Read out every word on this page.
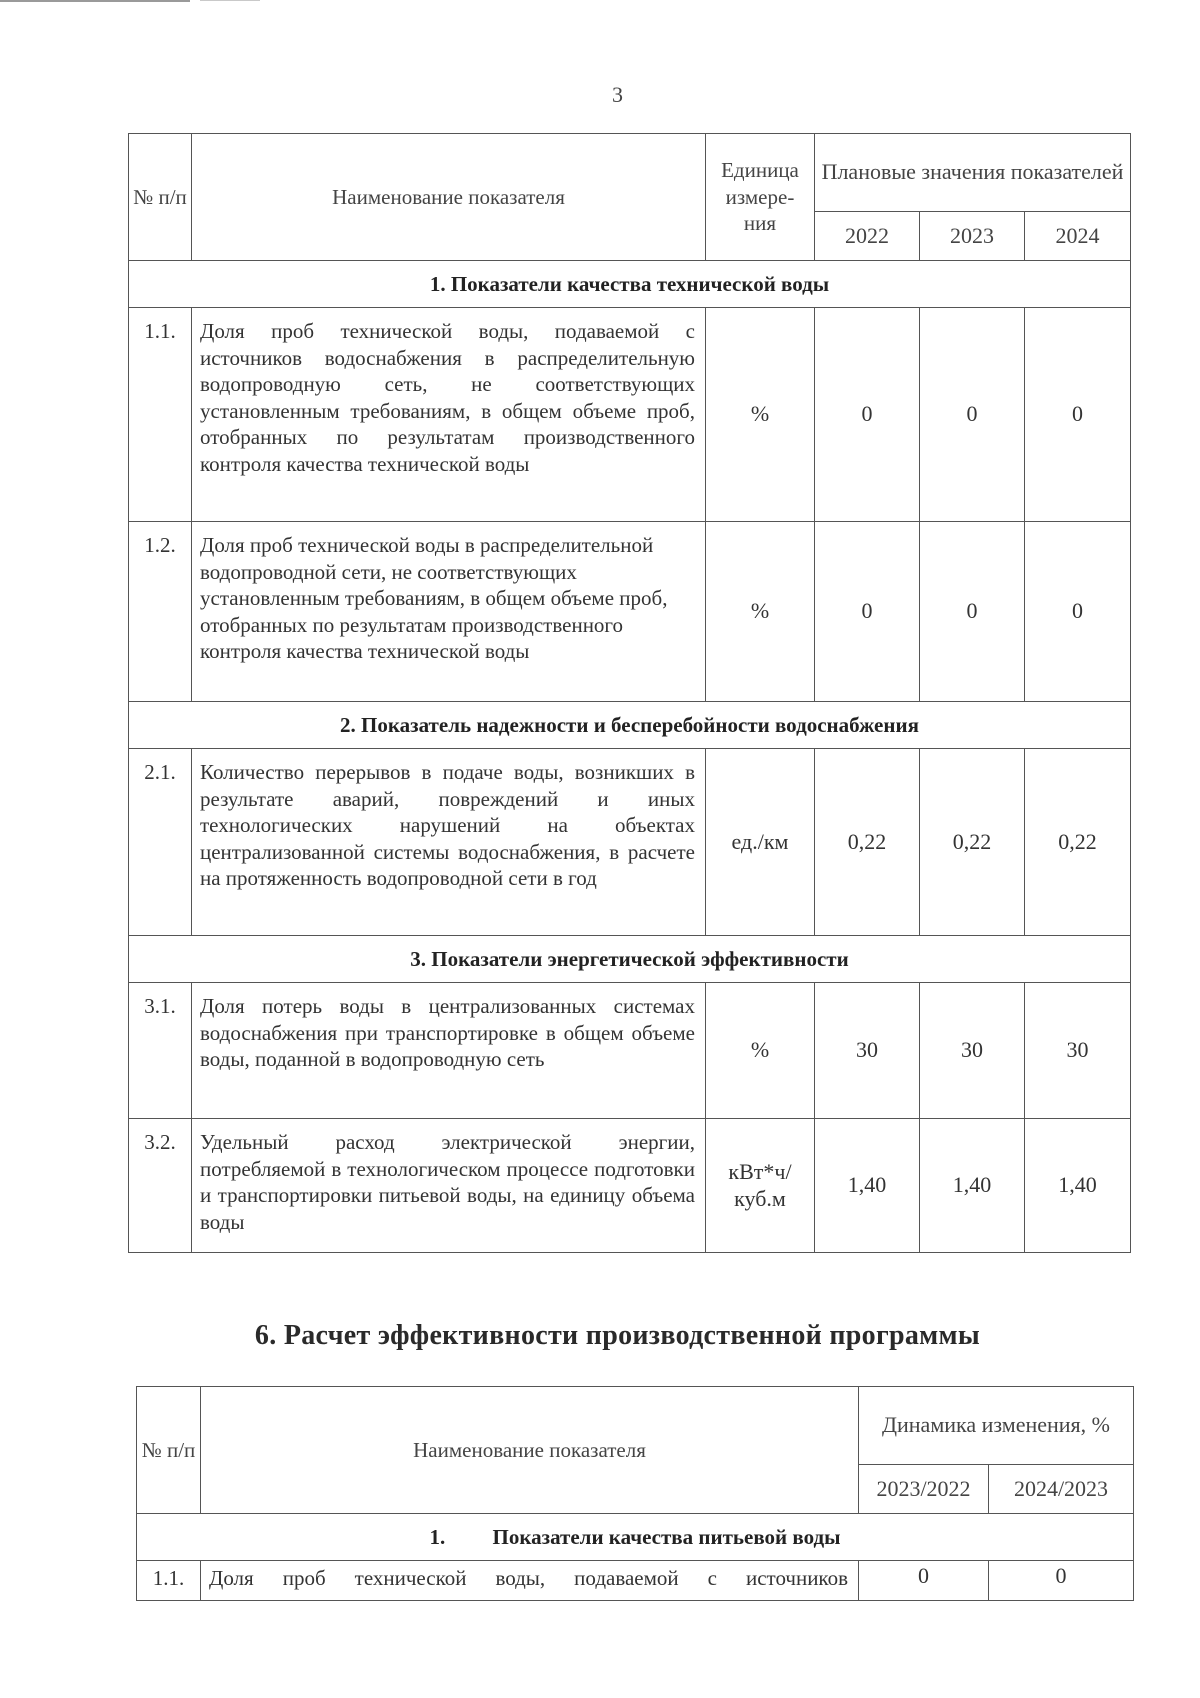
3
№ п/п	Наименование показателя	Единица измере-ния	Плановые значения показателей		
			2022	2023	2024
1. Показатели качества технической воды					
1.1.	Доля проб технической воды, подаваемой с источников водоснабжения в распределительную водопроводную сеть, не соответствующих установленным требованиям, в общем объеме проб, отобранных по результатам производственного контроля качества технической воды	%	0	0	0
1.2.	Доля проб технической воды в распределительной водопроводной сети, не соответствующих установленным требованиям, в общем объеме проб, отобранных по результатам производственного контроля качества технической воды	%	0	0	0
2. Показатель надежности и бесперебойности водоснабжения					
2.1.	Количество перерывов в подаче воды, возникших в результате аварий, повреждений и иных технологических нарушений на объектах централизованной системы водоснабжения, в расчете на протяженность водопроводной сети в год	ед./км	0,22	0,22	0,22
3. Показатели энергетической эффективности					
3.1.	Доля потерь воды в централизованных системах водоснабжения при транспортировке в общем объеме воды, поданной в водопроводную сеть	%	30	30	30
3.2.	Удельный расход электрической энергии, потребляемой в технологическом процессе подготовки и транспортировки питьевой воды, на единицу объема воды	кВт*ч/ куб.м	1,40	1,40	1,40
6. Расчет эффективности производственной программы
№ п/п	Наименование показателя	Динамика изменения, %	
		2023/2022	2024/2023
1.         Показатели качества питьевой воды			
1.1.	Доля проб технической воды, подаваемой с источников	0	0
